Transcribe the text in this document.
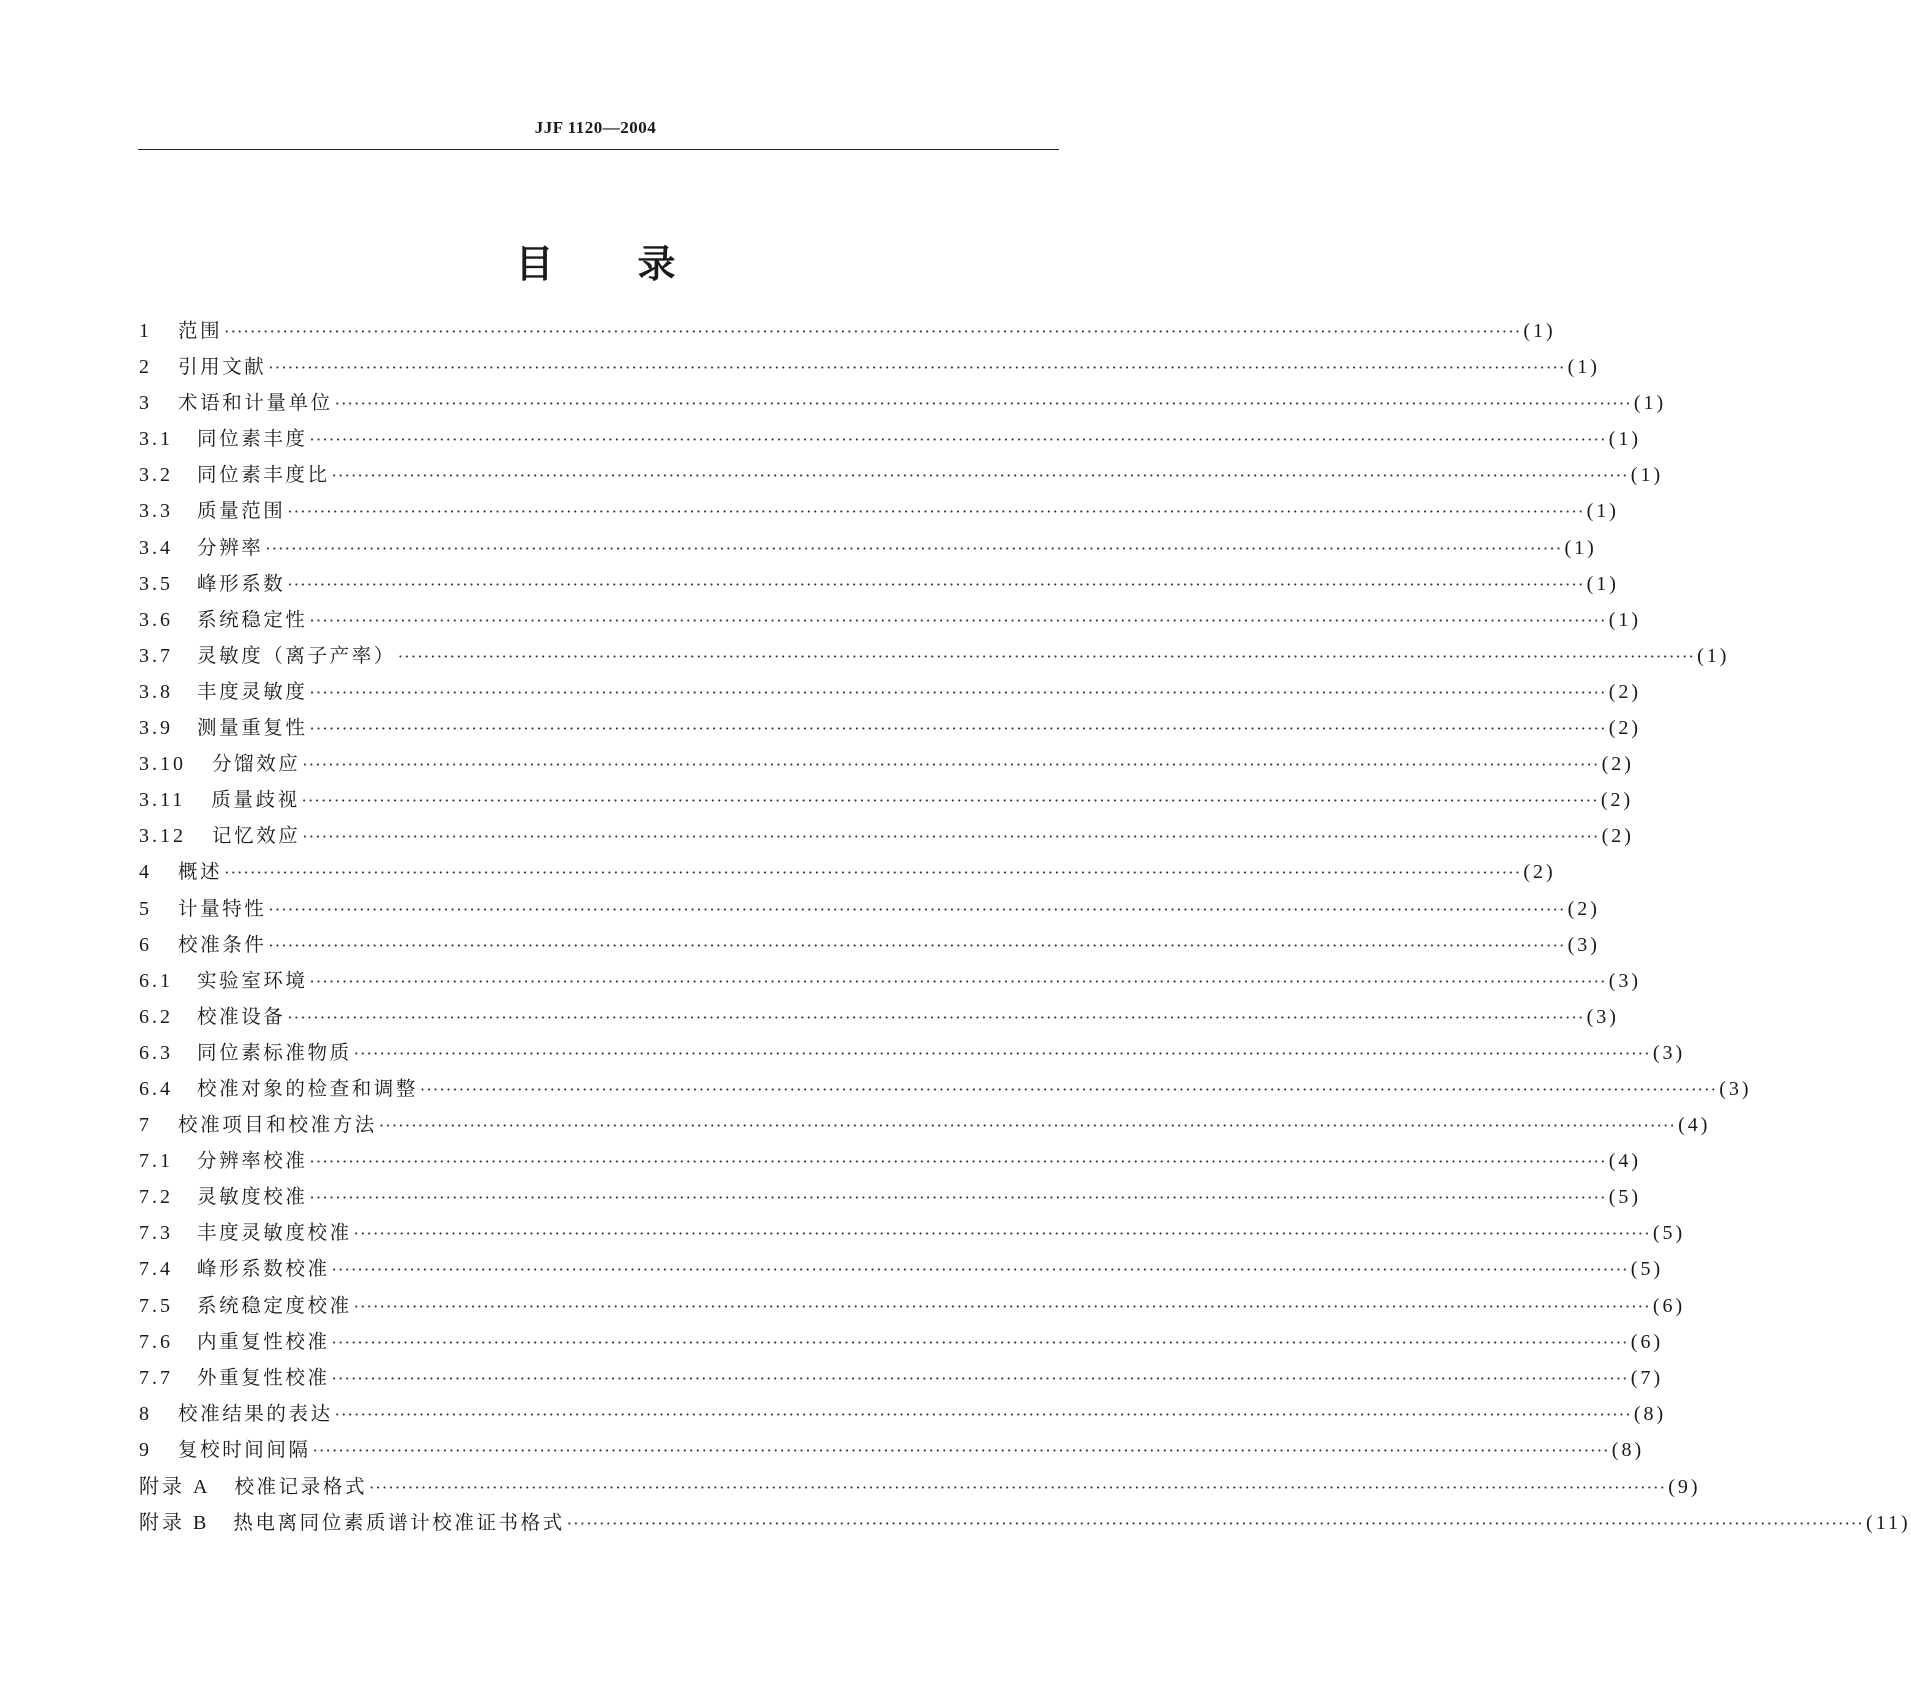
JJF 1120—2004
目录
1 范围 ········································································································································································································ (1)
2 引用文献 ········································································································································································································ (1)
3 术语和计量单位 ········································································································································································································ (1)
3.1 同位素丰度 ········································································································································································································ (1)
3.2 同位素丰度比 ········································································································································································································ (1)
3.3 质量范围 ········································································································································································································ (1)
3.4 分辨率 ········································································································································································································ (1)
3.5 峰形系数 ········································································································································································································ (1)
3.6 系统稳定性 ········································································································································································································ (1)
3.7 灵敏度（离子产率） ········································································································································································································ (1)
3.8 丰度灵敏度 ········································································································································································································ (2)
3.9 测量重复性 ········································································································································································································ (2)
3.10 分馏效应 ········································································································································································································ (2)
3.11 质量歧视 ········································································································································································································ (2)
3.12 记忆效应 ········································································································································································································ (2)
4 概述 ········································································································································································································ (2)
5 计量特性 ········································································································································································································ (2)
6 校准条件 ········································································································································································································ (3)
6.1 实验室环境 ········································································································································································································ (3)
6.2 校准设备 ········································································································································································································ (3)
6.3 同位素标准物质 ········································································································································································································ (3)
6.4 校准对象的检查和调整 ········································································································································································································ (3)
7 校准项目和校准方法 ········································································································································································································ (4)
7.1 分辨率校准 ········································································································································································································ (4)
7.2 灵敏度校准 ········································································································································································································ (5)
7.3 丰度灵敏度校准 ········································································································································································································ (5)
7.4 峰形系数校准 ········································································································································································································ (5)
7.5 系统稳定度校准 ········································································································································································································ (6)
7.6 内重复性校准 ········································································································································································································ (6)
7.7 外重复性校准 ········································································································································································································ (7)
8 校准结果的表达 ········································································································································································································ (8)
9 复校时间间隔 ········································································································································································································ (8)
附录 A 校准记录格式 ········································································································································································································ (9)
附录 B 热电离同位素质谱计校准证书格式 ········································································································································································································ (11)
